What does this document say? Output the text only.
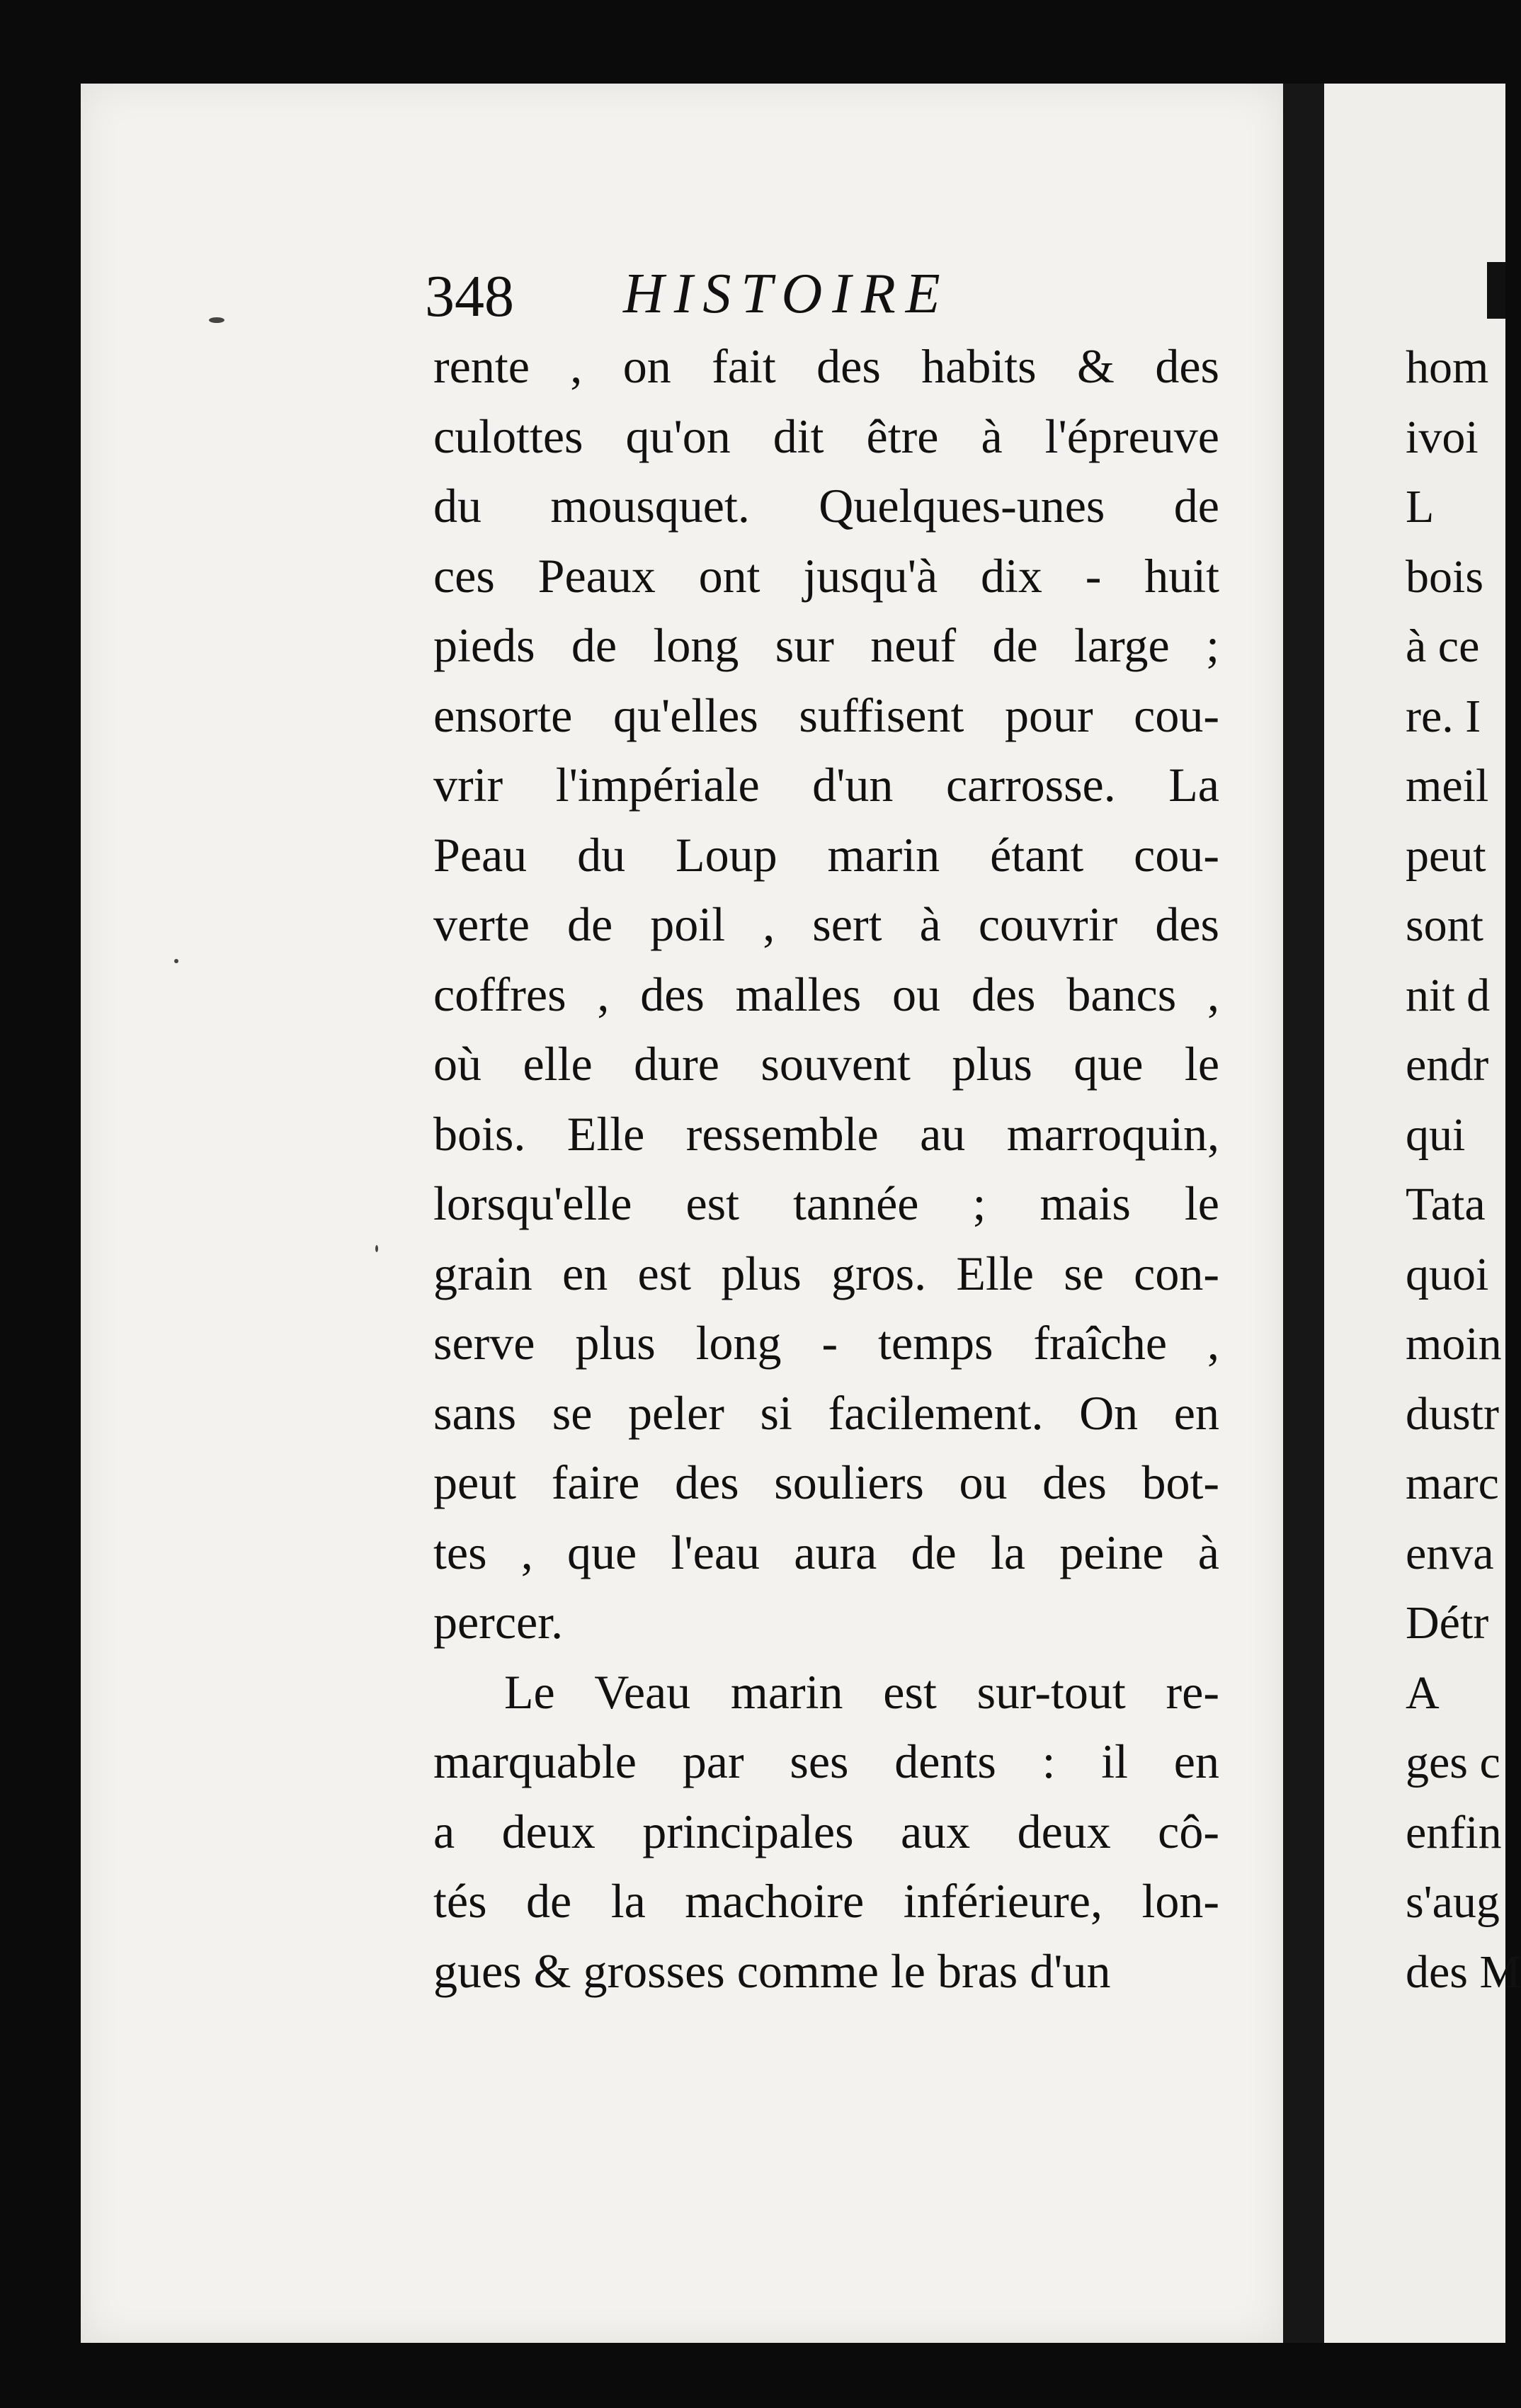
348 HISTOIRE
rente , on fait des habits & des
culottes qu'on dit être à l'épreuve
du mousquet. Quelques-unes de
ces Peaux ont jusqu'à dix - huit
pieds de long sur neuf de large ;
ensorte qu'elles suffisent pour cou-
vrir l'impériale d'un carrosse. La
Peau du Loup marin étant cou-
verte de poil , sert à couvrir des
coffres , des malles ou des bancs ,
où elle dure souvent plus que le
bois. Elle ressemble au marroquin,
lorsqu'elle est tannée ; mais le
grain en est plus gros. Elle se con-
serve plus long - temps fraîche ,
sans se peler si facilement. On en
peut faire des souliers ou des bot-
tes , que l'eau aura de la peine à
percer.
Le Veau marin est sur-tout re-
marquable par ses dents : il en
a deux principales aux deux cô-
tés de la machoire inférieure, lon-
gues & grosses comme le bras d'un
hom
ivoi
L
bois
à ce
re. I
meil
peut
sont
nit d
endr
qui
Tata
quoi
moin
dustr
marc
enva
Détr
A
ges c
enfin
s'aug
des M
